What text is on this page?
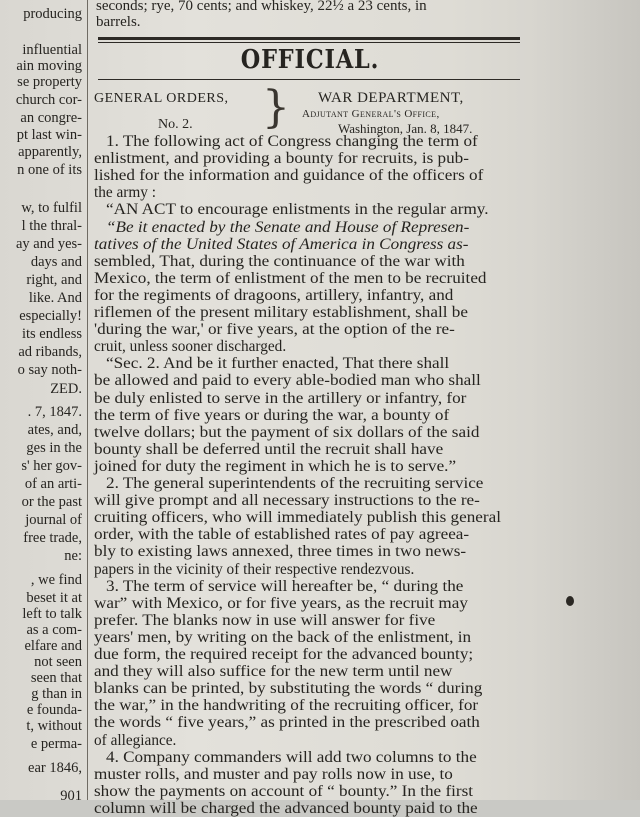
producing
influential
ain moving
se property
church cor-
an congre-
pt last win-
apparently,
n one of its
w, to fulfil
l the thral-
ay and yes-
days and
right, and
like. And
especially!
its endless
ad ribands,
o say noth-
ZED.
. 7, 1847.
ates, and,
ges in the
s' her gov-
of an arti-
or the past
journal of
free trade,
ne:
, we find
beset it at
left to talk
as a com-
elfare and
not seen
seen that
g than in
e founda-
t, without
e perma-
ear 1846,
901
seconds; rye, 70 cents; and whiskey, 22½ a 23 cents, in
barrels.
OFFICIAL.
GENERAL ORDERS,
No. 2. } WAR DEPARTMENT,
Adjutant General's Office,
Washington, Jan. 8, 1847.
1. The following act of Congress changing the term of
enlistment, and providing a bounty for recruits, is pub-
lished for the information and guidance of the officers of
the army :
“AN ACT to encourage enlistments in the regular army.
“Be it enacted by the Senate and House of Represen-
tatives of the United States of America in Congress as-
sembled, That, during the continuance of the war with
Mexico, the term of enlistment of the men to be recruited
for the regiments of dragoons, artillery, infantry, and
riflemen of the present military establishment, shall be
'during the war,' or five years, at the option of the re-
cruit, unless sooner discharged.
“Sec. 2. And be it further enacted, That there shall
be allowed and paid to every able-bodied man who shall
be duly enlisted to serve in the artillery or infantry, for
the term of five years or during the war, a bounty of
twelve dollars; but the payment of six dollars of the said
bounty shall be deferred until the recruit shall have
joined for duty the regiment in which he is to serve.”
2. The general superintendents of the recruiting service
will give prompt and all necessary instructions to the re-
cruiting officers, who will immediately publish this general
order, with the table of established rates of pay agreea-
bly to existing laws annexed, three times in two news-
papers in the vicinity of their respective rendezvous.
3. The term of service will hereafter be, “ during the
war” with Mexico, or for five years, as the recruit may
prefer. The blanks now in use will answer for five
years' men, by writing on the back of the enlistment, in
due form, the required receipt for the advanced bounty;
and they will also suffice for the new term until new
blanks can be printed, by substituting the words “ during
the war,” in the handwriting of the recruiting officer, for
the words “ five years,” as printed in the prescribed oath
of allegiance.
4. Company commanders will add two columns to the
muster rolls, and muster and pay rolls now in use, to
show the payments on account of “ bounty.” In the first
column will be charged the advanced bounty paid to the
